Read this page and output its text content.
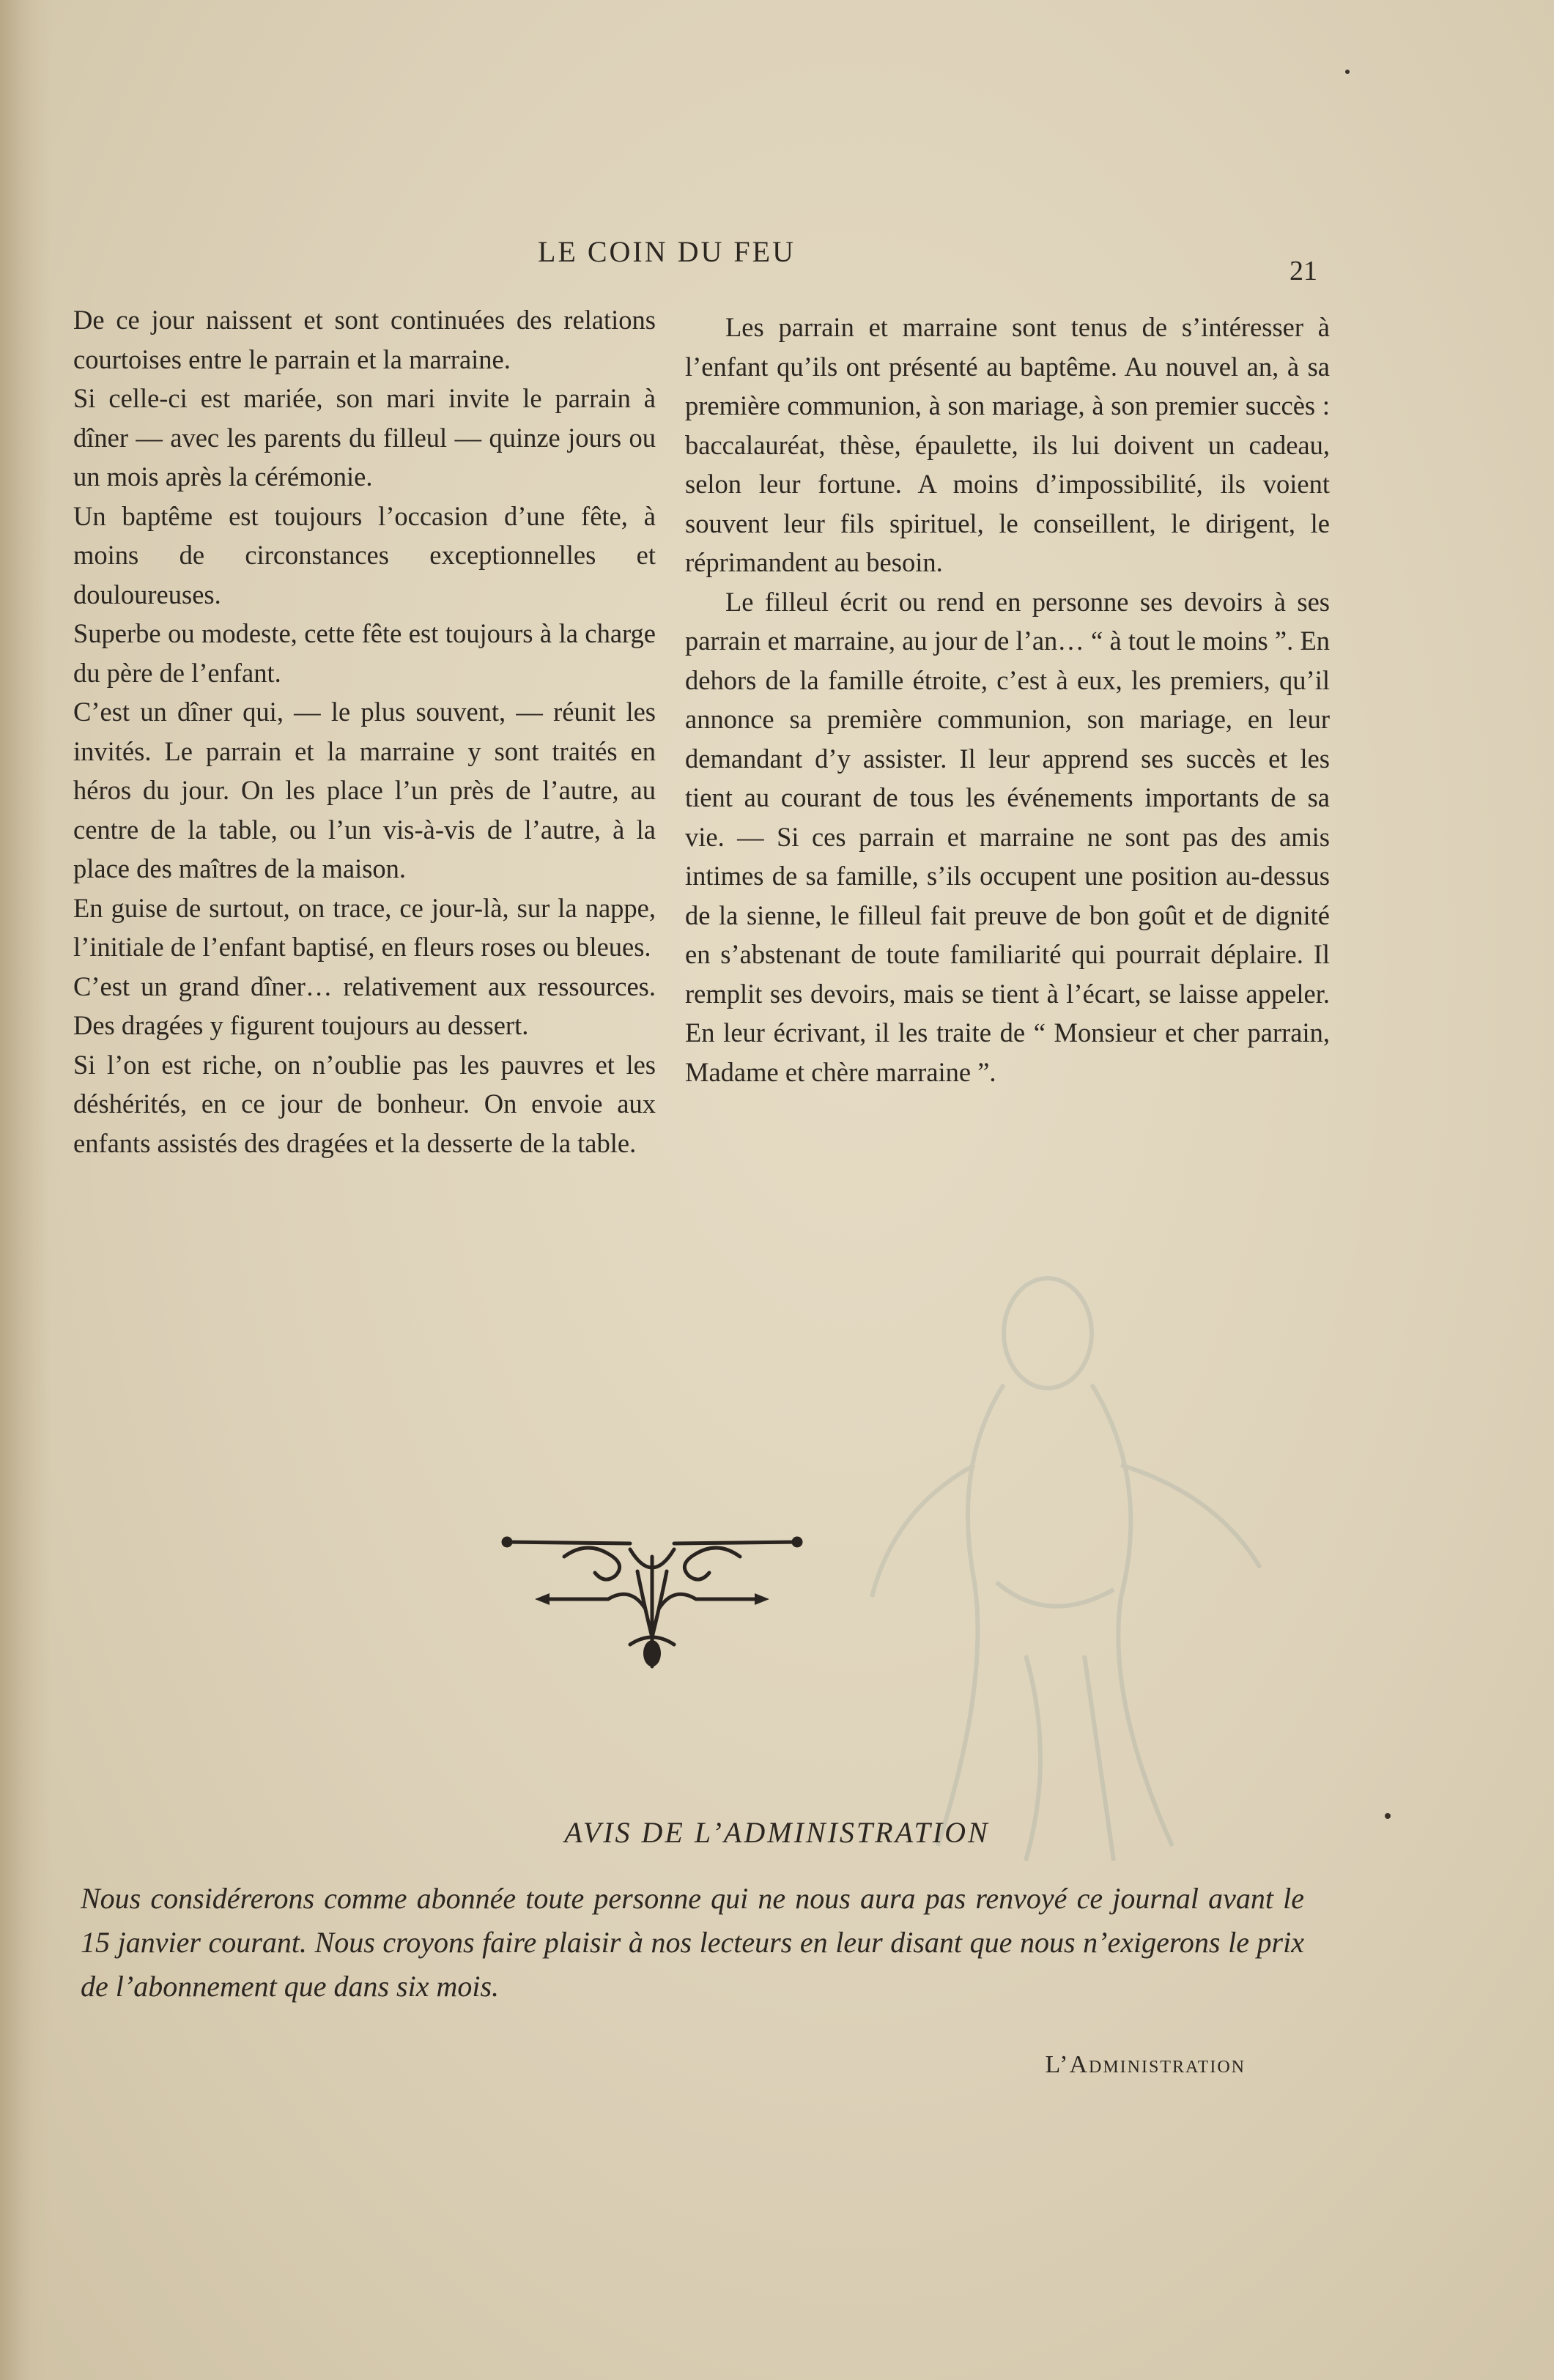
LE COIN DU FEU
21

De ce jour naissent et sont continuées des relations courtoises entre le parrain et la marraine.

Si celle-ci est mariée, son mari invite le parrain à dîner — avec les parents du filleul — quinze jours ou un mois après la cérémonie.

Un baptême est toujours l’occasion d’une fête, à moins de circonstances exceptionnelles et douloureuses.

Superbe ou modeste, cette fête est toujours à la charge du père de l’enfant.

C’est un dîner qui, — le plus souvent, — réunit les invités. Le parrain et la marraine y sont traités en héros du jour. On les place l’un près de l’autre, au centre de la table, ou l’un vis-à-vis de l’autre, à la place des maîtres de la maison.

En guise de surtout, on trace, ce jour-là, sur la nappe, l’initiale de l’enfant baptisé, en fleurs roses ou bleues.

C’est un grand dîner… relativement aux ressources. Des dragées y figurent toujours au dessert.

Si l’on est riche, on n’oublie pas les pauvres et les déshérités, en ce jour de bonheur. On envoie aux enfants assistés des dragées et la desserte de la table.

Les parrain et marraine sont tenus de s’intéresser à l’enfant qu’ils ont présenté au baptême. Au nouvel an, à sa première communion, à son mariage, à son premier succès : baccalauréat, thèse, épaulette, ils lui doivent un cadeau, selon leur fortune. A moins d’impossibilité, ils voient souvent leur fils spirituel, le conseillent, le dirigent, le réprimandent au besoin.

Le filleul écrit ou rend en personne ses devoirs à ses parrain et marraine, au jour de l’an… “ à tout le moins ”. En dehors de la famille étroite, c’est à eux, les premiers, qu’il annonce sa première communion, son mariage, en leur demandant d’y assister. Il leur apprend ses succès et les tient au courant de tous les événements importants de sa vie. — Si ces parrain et marraine ne sont pas des amis intimes de sa famille, s’ils occupent une position au-dessus de la sienne, le filleul fait preuve de bon goût et de dignité en s’abstenant de toute familiarité qui pourrait déplaire. Il remplit ses devoirs, mais se tient à l’écart, se laisse appeler. En leur écrivant, il les traite de “ Monsieur et cher parrain, Madame et chère marraine ”.

AVIS DE L’ADMINISTRATION
Nous considérerons comme abonnée toute personne qui ne nous aura pas renvoyé ce journal avant le 15 janvier courant. Nous croyons faire plaisir à nos lecteurs en leur disant que nous n’exigerons le prix de l’abonnement que dans six mois.
L’Administration
